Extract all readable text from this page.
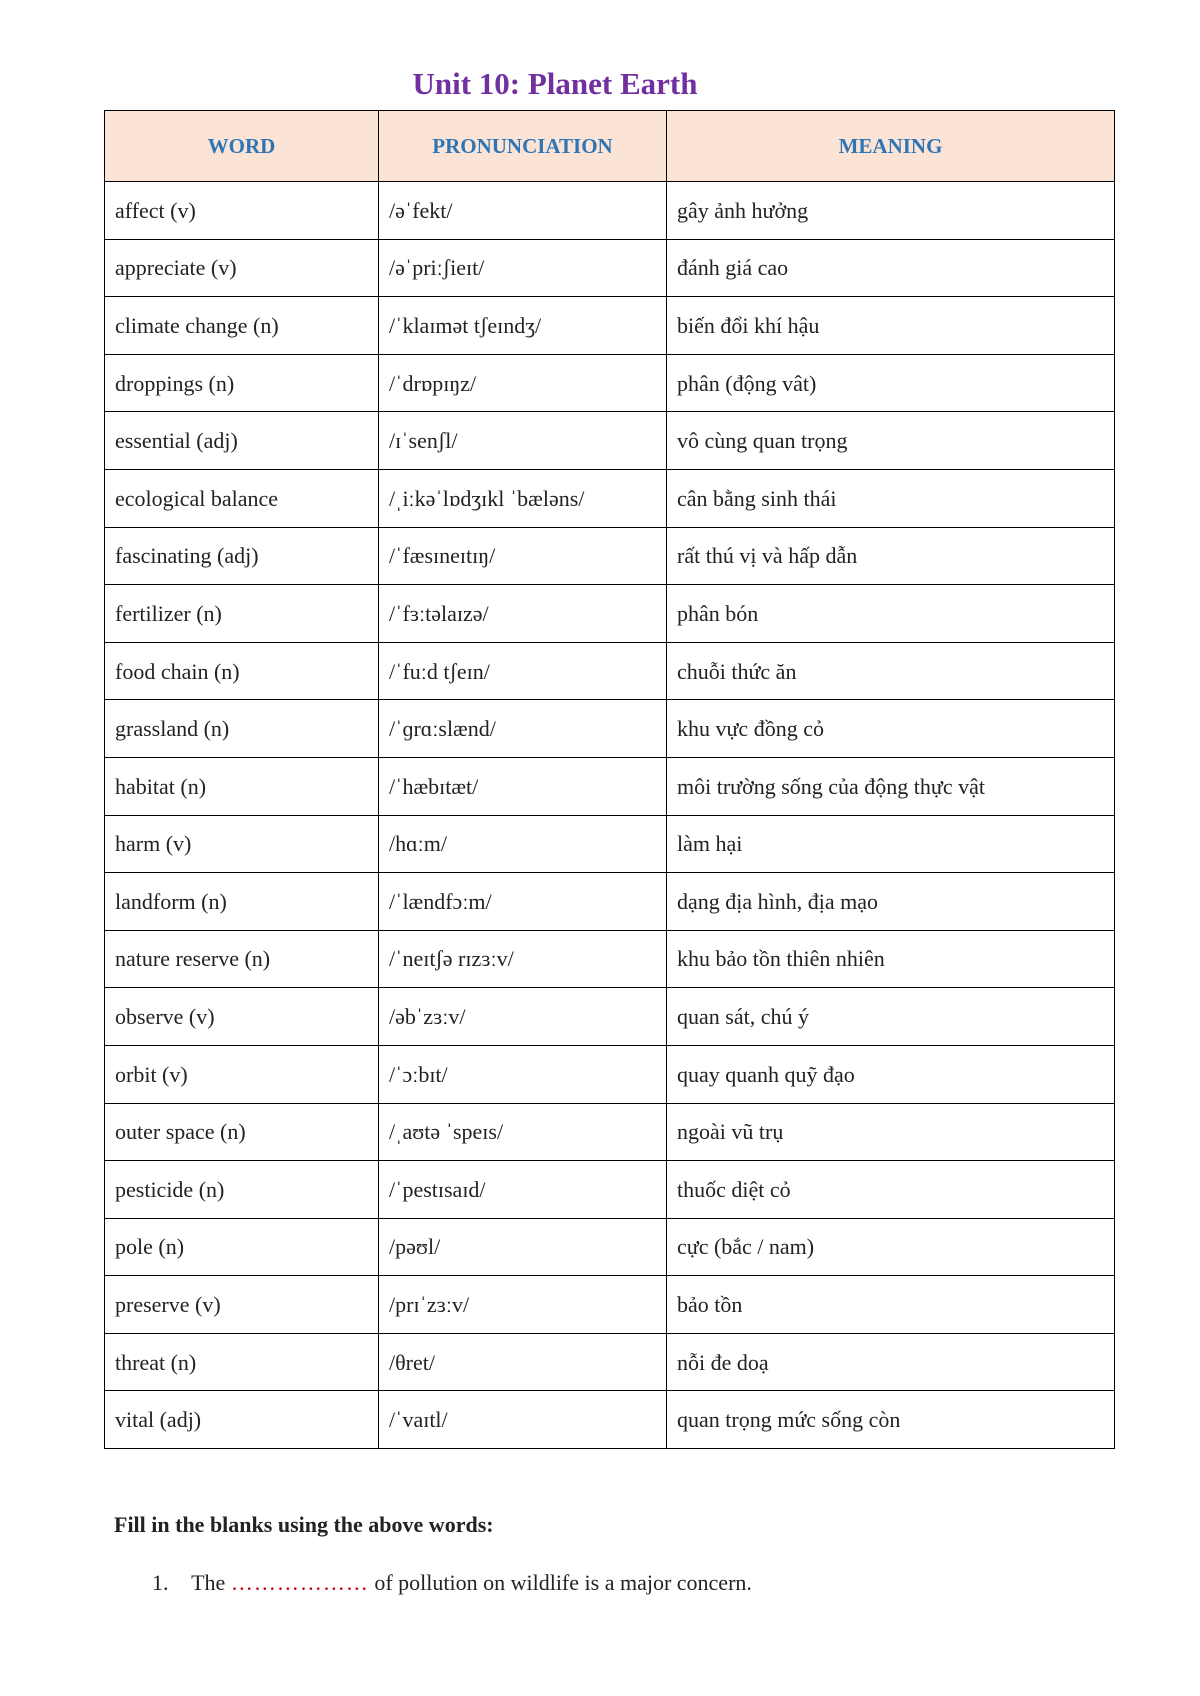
Unit 10: Planet Earth
WORD	PRONUNCIATION	MEANING
affect (v)	/əˈfekt/	gây ảnh hưởng
appreciate (v)	/əˈpriːʃieɪt/	đánh giá cao
climate change (n)	/ˈklaɪmət tʃeɪndʒ/	biến đổi khí hậu
droppings (n)	/ˈdrɒpɪŋz/	phân (động vât)
essential (adj)	/ɪˈsenʃl/	vô cùng quan trọng
ecological balance	/ˌiːkəˈlɒdʒɪkl ˈbæləns/	cân bằng sinh thái
fascinating (adj)	/ˈfæsɪneɪtɪŋ/	rất thú vị và hấp dẫn
fertilizer (n)	/ˈfɜːtəlaɪzə/	phân bón
food chain (n)	/ˈfuːd tʃeɪn/	chuỗi thức ăn
grassland (n)	/ˈɡrɑːslænd/	khu vực đồng cỏ
habitat (n)	/ˈhæbɪtæt/	môi trường sống của động thực vật
harm (v)	/hɑːm/	làm hại
landform (n)	/ˈlændfɔːm/	dạng địa hình, địa mạo
nature reserve (n)	/ˈneɪtʃə rɪzɜːv/	khu bảo tồn thiên nhiên
observe (v)	/əbˈzɜːv/	quan sát, chú ý
orbit (v)	/ˈɔːbɪt/	quay quanh quỹ đạo
outer space (n)	/ˌaʊtə ˈspeɪs/	ngoài vũ trụ
pesticide (n)	/ˈpestɪsaɪd/	thuốc diệt cỏ
pole (n)	/pəʊl/	cực (bắc / nam)
preserve (v)	/prɪˈzɜːv/	bảo tồn
threat (n)	/θret/	nỗi đe doạ
vital (adj)	/ˈvaɪtl/	quan trọng mức sống còn

Fill in the blanks using the above words:

1. The ……………… of pollution on wildlife is a major concern.
